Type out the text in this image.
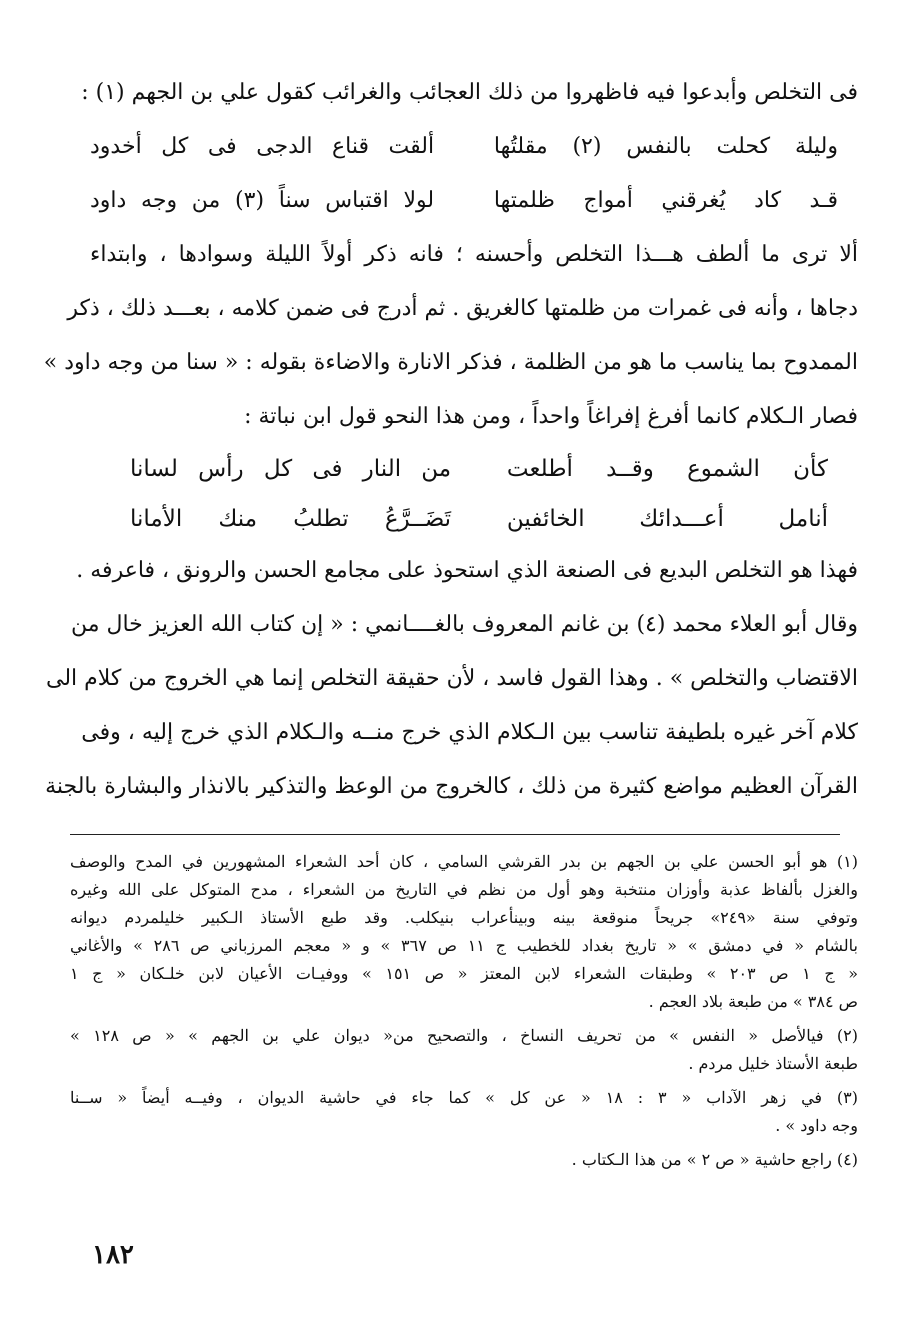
فى التخلص وأبدعوا فيه فاظهروا من ذلك العجائب والغرائب كقول علي بن الجهم (١) :
وليلة كحلت بالنفس (٢) مقلتُها
ألقت قناع الدجى فى كل أخدود
قـد كاد يُغرقني أمواج ظلمتها
لولا اقتباس سناً (٣) من وجه داود
ألا ترى ما ألطف هـــذا التخلص وأحسنه ؛ فانه ذكر أولاً الليلة وسوادها ، وابتداء
دجاها ، وأنه فى غمرات من ظلمتها كالغريق . ثم أدرج فى ضمن كلامه ، بعـــد ذلك ، ذكر
الممدوح بما يناسب ما هو من الظلمة ، فذكر الانارة والاضاءة بقوله : « سنا من وجه داود »
فصار الـكلام كانما أفرغ إفراغاً واحداً ، ومن هذا النحو قول ابن نباتة :
كأن الشموع وقــد أطلعت
من النار فى كل رأس لسانا
أنامل أعـــدائك الخائفين
تَضَــرَّعُ تطلبُ منك الأمانا
فهذا هو التخلص البديع فى الصنعة الذي استحوذ على مجامع الحسن والرونق ، فاعرفه .
وقال أبو العلاء محمد (٤) بن غانم المعروف بالغــــانمي : « إن كتاب الله العزيز خال من
الاقتضاب والتخلص » . وهذا القول فاسد ، لأن حقيقة التخلص إنما هي الخروج من كلام الى
كلام آخر غيره بلطيفة تناسب بين الـكلام الذي خرج منــه والـكلام الذي خرج إليه ، وفى
القرآن العظيم مواضع كثيرة من ذلك ، كالخروج من الوعظ والتذكير بالانذار والبشارة بالجنة
(١) هو أبو الحسن علي بن الجهم بن بدر القرشي السامي ، كان أحد الشعراء المشهورين في المدح والوصف
والغزل بألفاظ عذبة وأوزان منتخبة وهو أول من نظم في التاريخ من الشعراء ، مدح المتوكل على الله وغيره
وتوفي سنة «٢٤٩» جريحاً منوقعة بينه وبينأعراب بنيكلب. وقد طبع الأستاذ الـكبير خليلمردم ديوانه
بالشام « في دمشق » « تاريخ بغداد للخطيب ج ١١ ص ٣٦٧ » و « معجم المرزباني ص ٢٨٦ » والأغاني
« ج ١ ص ٢٠٣ » وطبقات الشعراء لابن المعتز « ص ١٥١ » ووفيـات الأعيان لابن خلـكان « ج ١
ص ٣٨٤ » من طبعة بلاد العجم .
(٢) فيالأصل « النفس » من تحريف النساخ ، والتصحيح من« ديوان علي بن الجهم » « ص ١٢٨ »
طبعة الأستاذ خليل مردم .
(٣) في زهر الآداب « ٣ : ١٨ « عن كل » كما جاء في حاشية الديوان ، وفيــه أيضاً « ســنا
وجه داود » .
(٤) راجع حاشية « ص ٢ » من هذا الـكتاب .
١٨٢
